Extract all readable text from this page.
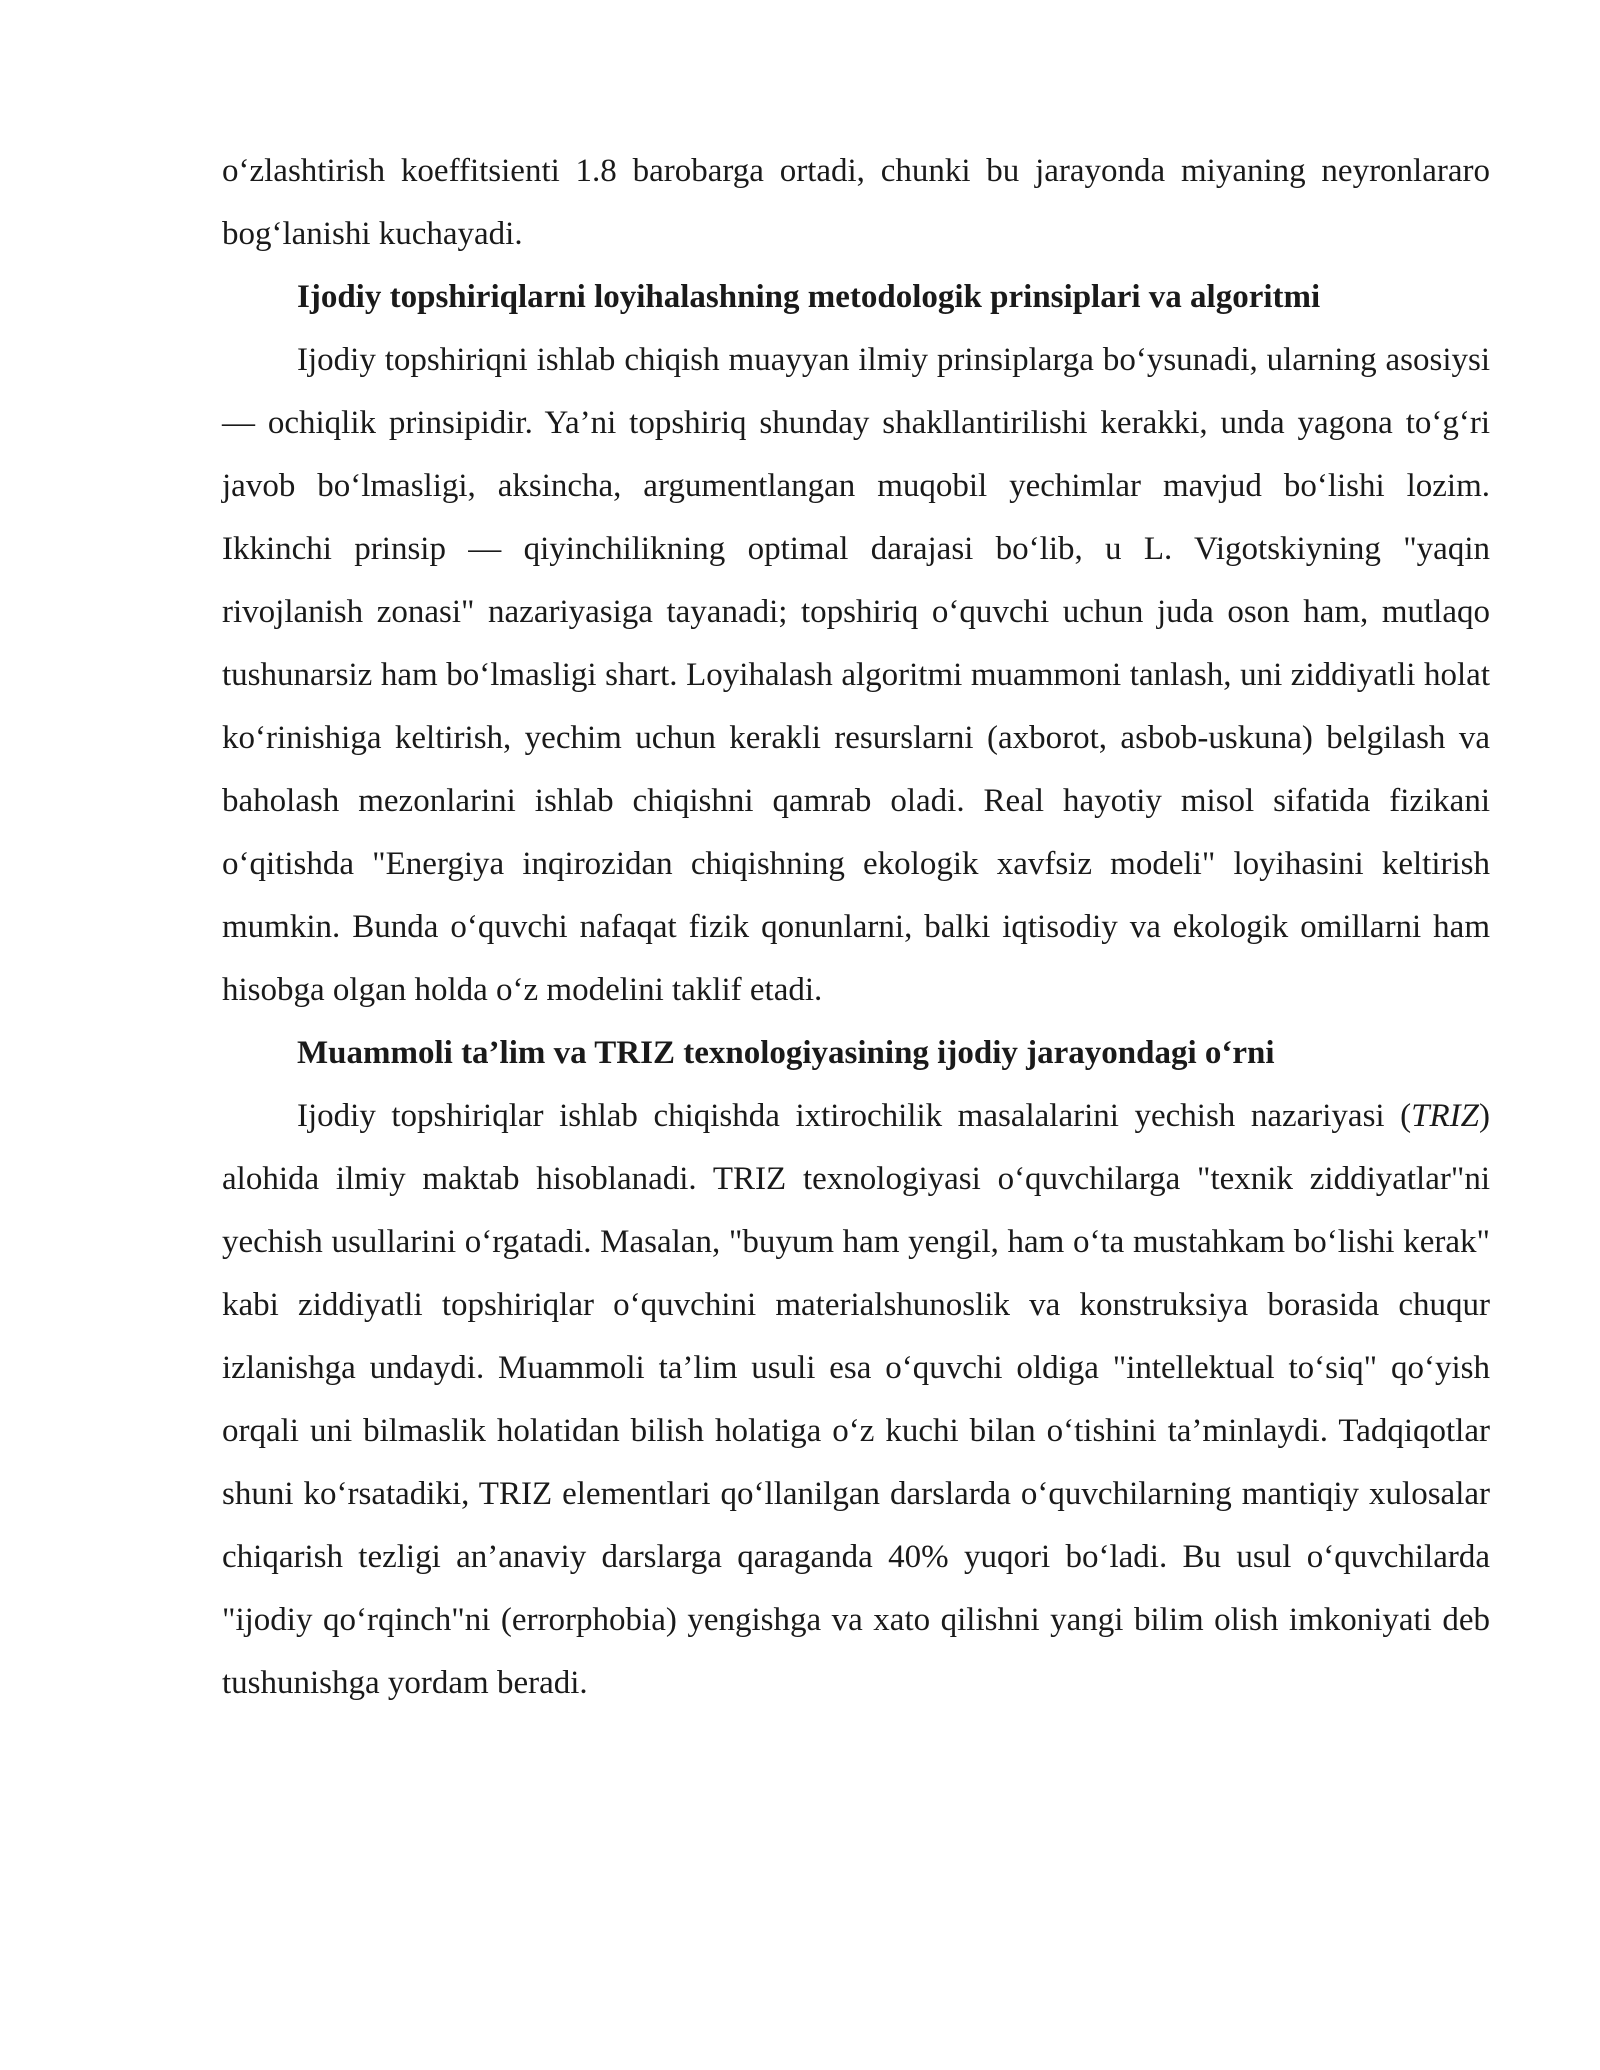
o‘zlashtirish koeffitsienti 1.8 barobarga ortadi, chunki bu jarayonda miyaning neyronlararo bog‘lanishi kuchayadi.

Ijodiy topshiriqlarni loyihalashning metodologik prinsiplari va algoritmi

Ijodiy topshiriqni ishlab chiqish muayyan ilmiy prinsiplarga bo‘ysunadi, ularning asosiysi — ochiqlik prinsipidir. Ya’ni topshiriq shunday shakllantirilishi kerakki, unda yagona to‘g‘ri javob bo‘lmasligi, aksincha, argumentlangan muqobil yechimlar mavjud bo‘lishi lozim. Ikkinchi prinsip — qiyinchilikning optimal darajasi bo‘lib, u L. Vigotskiyning "yaqin rivojlanish zonasi" nazariyasiga tayanadi; topshiriq o‘quvchi uchun juda oson ham, mutlaqo tushunarsiz ham bo‘lmasligi shart. Loyihalash algoritmi muammoni tanlash, uni ziddiyatli holat ko‘rinishiga keltirish, yechim uchun kerakli resurslarni (axborot, asbob-uskuna) belgilash va baholash mezonlarini ishlab chiqishni qamrab oladi. Real hayotiy misol sifatida fizikani o‘qitishda "Energiya inqirozidan chiqishning ekologik xavfsiz modeli" loyihasini keltirish mumkin. Bunda o‘quvchi nafaqat fizik qonunlarni, balki iqtisodiy va ekologik omillarni ham hisobga olgan holda o‘z modelini taklif etadi.

Muammoli ta’lim va TRIZ texnologiyasining ijodiy jarayondagi o‘rni

Ijodiy topshiriqlar ishlab chiqishda ixtirochilik masalalarini yechish nazariyasi (TRIZ) alohida ilmiy maktab hisoblanadi. TRIZ texnologiyasi o‘quvchilarga "texnik ziddiyatlar"ni yechish usullarini o‘rgatadi. Masalan, "buyum ham yengil, ham o‘ta mustahkam bo‘lishi kerak" kabi ziddiyatli topshiriqlar o‘quvchini materialshunoslik va konstruksiya borasida chuqur izlanishga undaydi. Muammoli ta’lim usuli esa o‘quvchi oldiga "intellektual to‘siq" qo‘yish orqali uni bilmaslik holatidan bilish holatiga o‘z kuchi bilan o‘tishini ta’minlaydi. Tadqiqotlar shuni ko‘rsatadiki, TRIZ elementlari qo‘llanilgan darslarda o‘quvchilarning mantiqiy xulosalar chiqarish tezligi an’anaviy darslarga qaraganda 40% yuqori bo‘ladi. Bu usul o‘quvchilarda "ijodiy qo‘rqinch"ni (errorphobia) yengishga va xato qilishni yangi bilim olish imkoniyati deb tushunishga yordam beradi.
